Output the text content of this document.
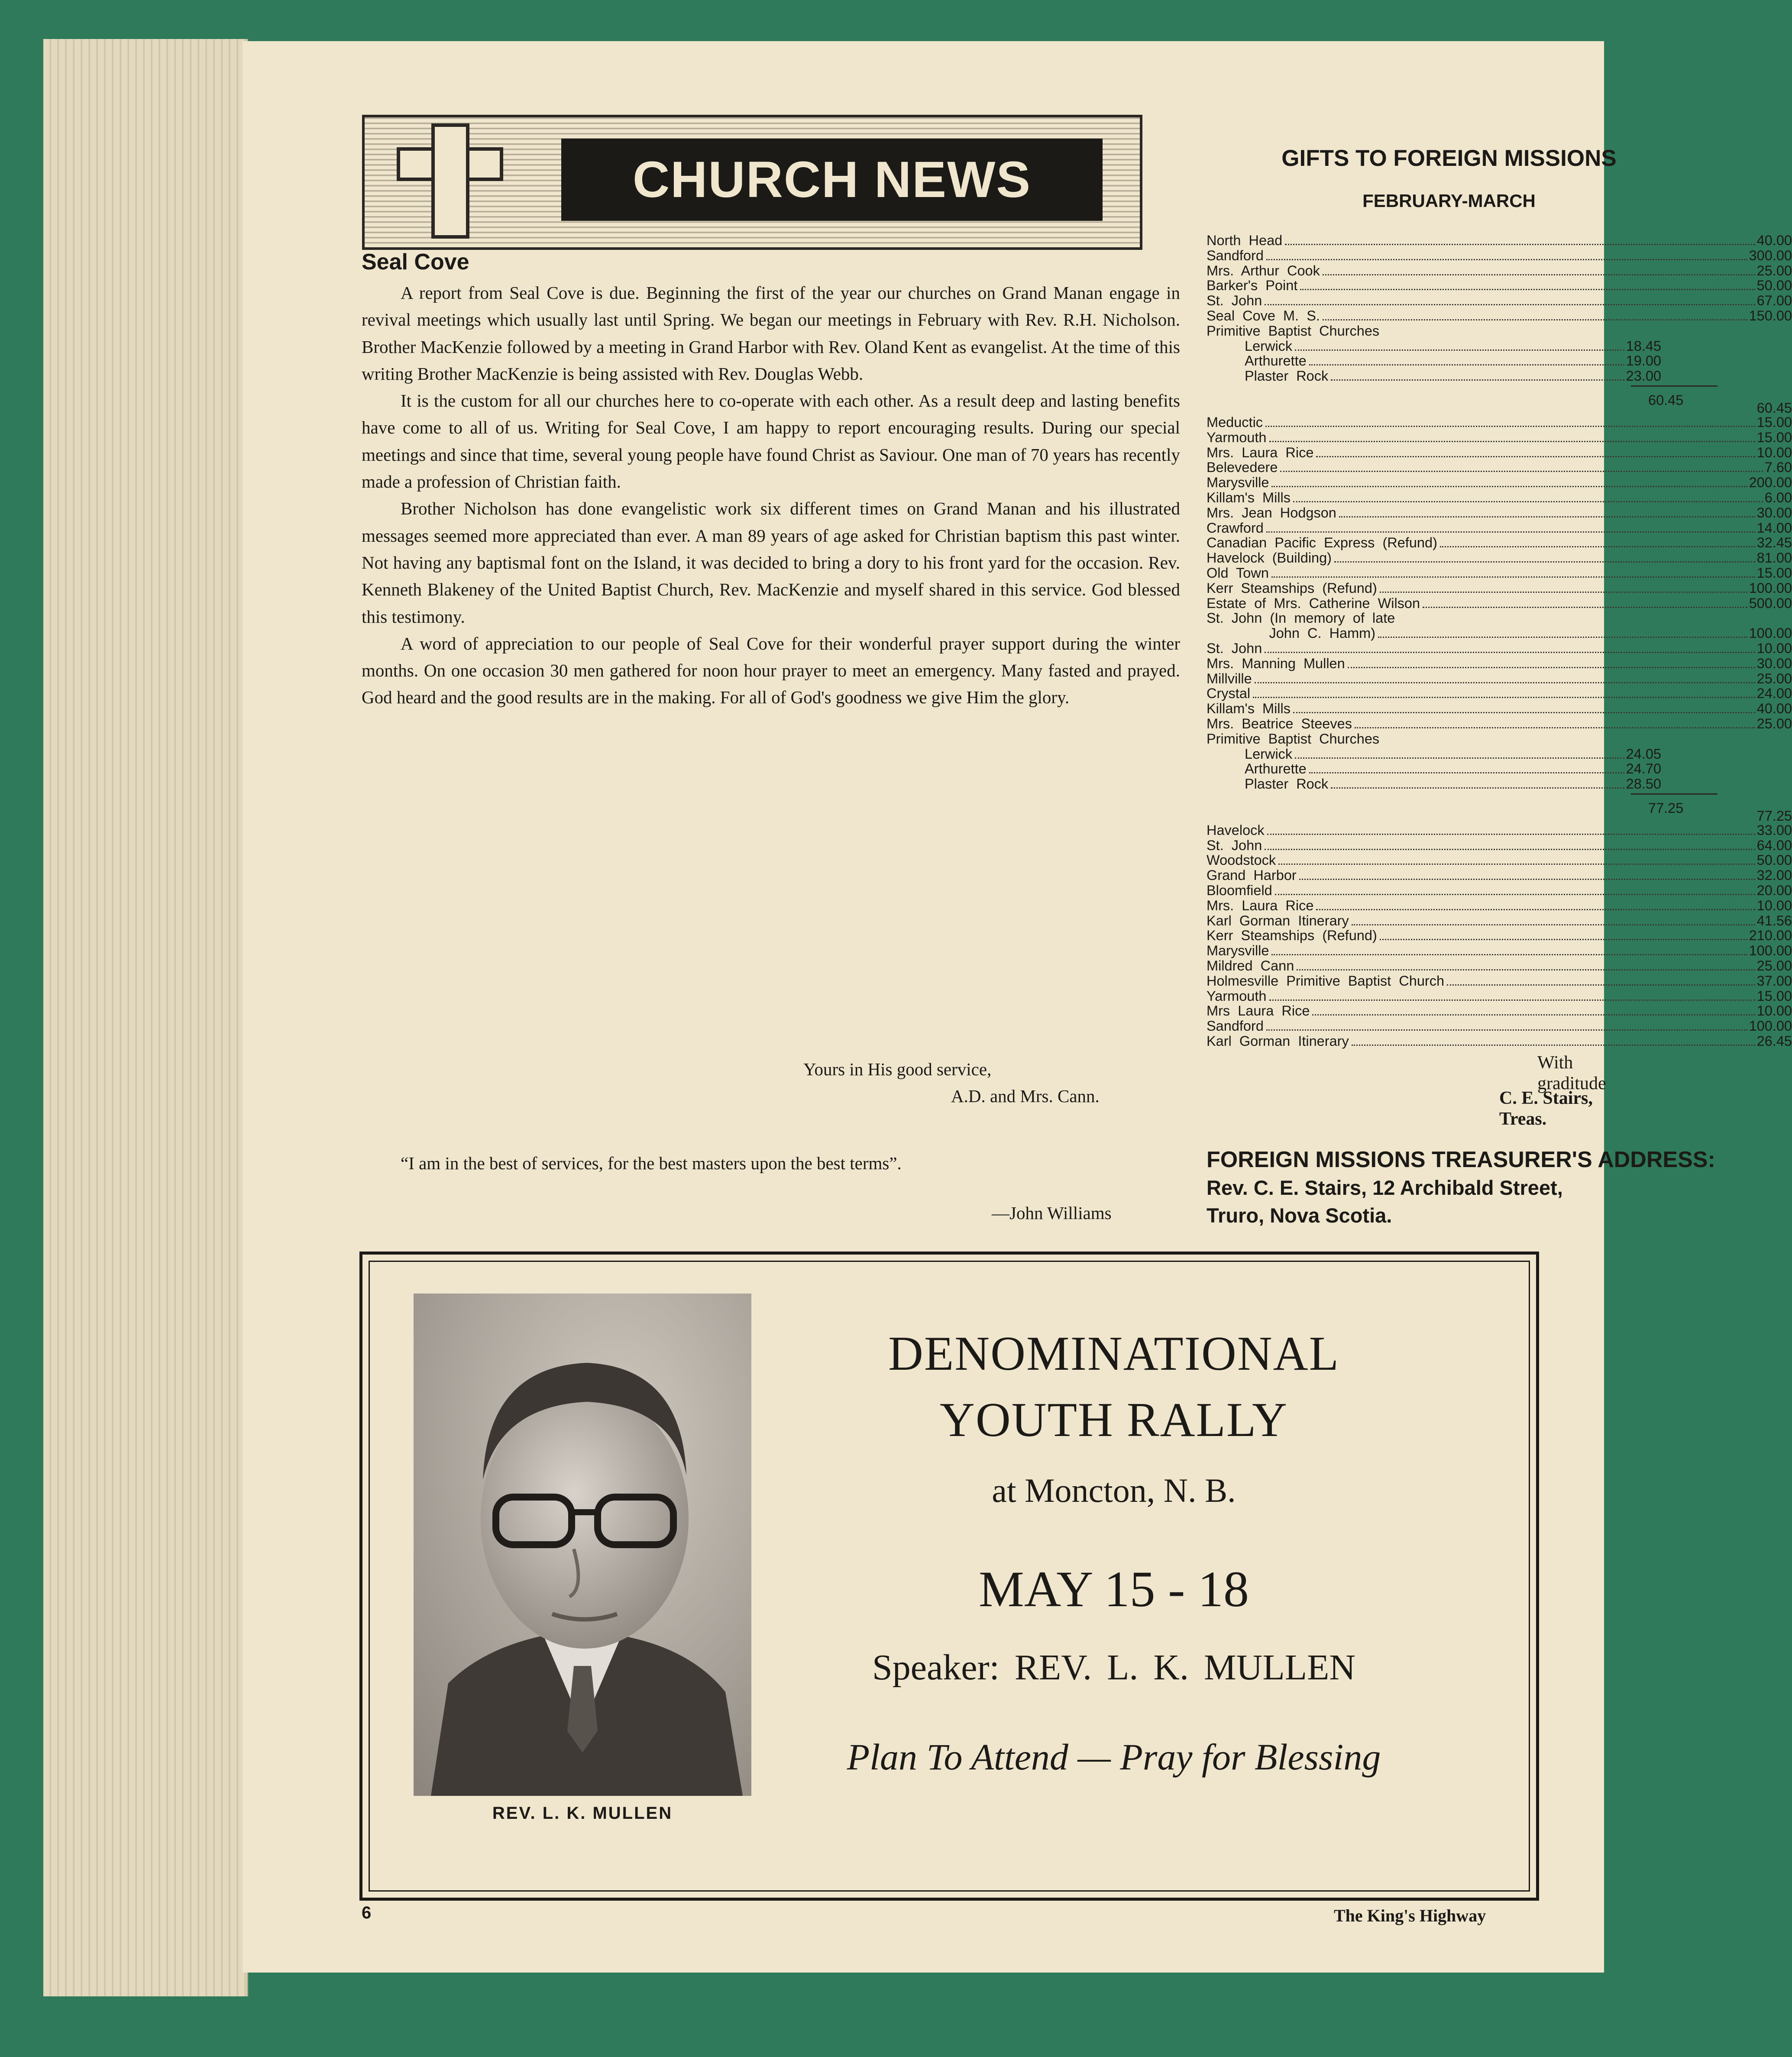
CHURCH NEWS
Seal Cove

A report from Seal Cove is due. Beginning the first of the year our churches on Grand Manan engage in revival meetings which usually last until Spring. We began our meetings in February with Rev. R.H. Nicholson. Brother MacKenzie followed by a meeting in Grand Harbor with Rev. Oland Kent as evangelist. At the time of this writing Brother MacKenzie is being assisted with Rev. Douglas Webb.

It is the custom for all our churches here to co-operate with each other. As a result deep and lasting benefits have come to all of us. Writing for Seal Cove, I am happy to report encouraging results. During our special meetings and since that time, several young people have found Christ as Saviour. One man of 70 years has recently made a profession of Christian faith.

Brother Nicholson has done evangelistic work six different times on Grand Manan and his illustrated messages seemed more appreciated than ever. A man 89 years of age asked for Christian baptism this past winter. Not having any baptismal font on the Island, it was decided to bring a dory to his front yard for the occasion. Rev. Kenneth Blakeney of the United Baptist Church, Rev. MacKenzie and myself shared in this service. God blessed this testimony.

A word of appreciation to our people of Seal Cove for their wonderful prayer support during the winter months. On one occasion 30 men gathered for noon hour prayer to meet an emergency. Many fasted and prayed. God heard and the good results are in the making. For all of God's goodness we give Him the glory.

Yours in His good service,
A.D. and Mrs. Cann.
“I am in the best of services, for the best masters upon the best terms”.
—John Williams
GIFTS TO FOREIGN MISSIONS
FEBRUARY-MARCH
North  Head	40.00
Sandford	300.00
Mrs.  Arthur  Cook	25.00
Barker's  Point	50.00
St.  John	67.00
Seal  Cove  M.  S.	150.00
Primitive  Baptist  Churches
Lerwick	18.45
Arthurette	19.00
Plaster  Rock	23.00
60.45	60.45
Meductic	15.00
Yarmouth	15.00
Mrs.  Laura  Rice	10.00
Belevedere	7.60
Marysville	200.00
Killam's  Mills	6.00
Mrs.  Jean  Hodgson	30.00
Crawford	14.00
Canadian  Pacific  Express  (Refund)	32.45
Havelock  (Building)	81.00
Old  Town	15.00
Kerr  Steamships  (Refund)	100.00
Estate  of  Mrs.  Catherine  Wilson	500.00
St.  John  (In  memory  of  late
John  C.  Hamm)	100.00
St.  John	10.00
Mrs.  Manning  Mullen	30.00
Millville	25.00
Crystal	24.00
Killam's  Mills	40.00
Mrs.  Beatrice  Steeves	25.00
Primitive  Baptist  Churches
Lerwick	24.05
Arthurette	24.70
Plaster  Rock	28.50
77.25	77.25
Havelock	33.00
St.  John	64.00
Woodstock	50.00
Grand  Harbor	32.00
Bloomfield	20.00
Mrs.  Laura  Rice	10.00
Karl  Gorman  Itinerary	41.56
Kerr  Steamships  (Refund)	210.00
Marysville	100.00
Mildred  Cann	25.00
Holmesville  Primitive  Baptist  Church	37.00
Yarmouth	15.00
Mrs  Laura  Rice	10.00
Sandford	100.00
Karl  Gorman  Itinerary	26.45
With graditude
C. E. Stairs, Treas.
FOREIGN MISSIONS TREASURER'S ADDRESS:
Rev. C. E. Stairs, 12 Archibald Street,
Truro, Nova Scotia.
REV. L. K. MULLEN
DENOMINATIONAL
YOUTH RALLY
at Moncton, N. B.
MAY 15 - 18
Speaker: REV. L. K. MULLEN
Plan To Attend — Pray for Blessing
6	The King's Highway
